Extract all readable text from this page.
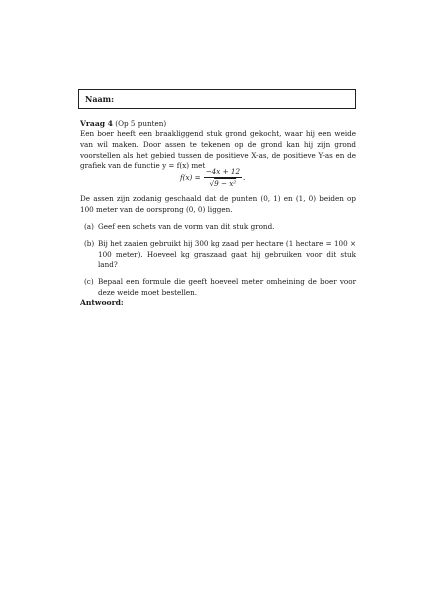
Naam:
Vraag 4 (Op 5 punten)
Een boer heeft een braakliggend stuk grond gekocht, waar hij een weide van wil maken. Door assen te tekenen op de grond kan hij zijn grond voorstellen als het gebied tussen de positieve X-as, de positieve Y-as en de grafiek van de functie y = f(x) met
$f(x) = \frac{-4x + 12}{\text{√9 − x²}}$ .
De assen zijn zodanig geschaald dat de punten (0, 1) en (1, 0) beiden op 100 meter van de oorsprong (0, 0) liggen.
(a) Geef een schets van de vorm van dit stuk grond.
(b) Bij het zaaien gebruikt hij 300 kg zaad per hectare (1 hectare = 100 × 100 meter). Hoeveel kg graszaad gaat hij gebruiken voor dit stuk land?
(c) Bepaal een formule die geeft hoeveel meter omheining de boer voor deze weide moet bestellen.
Antwoord:
